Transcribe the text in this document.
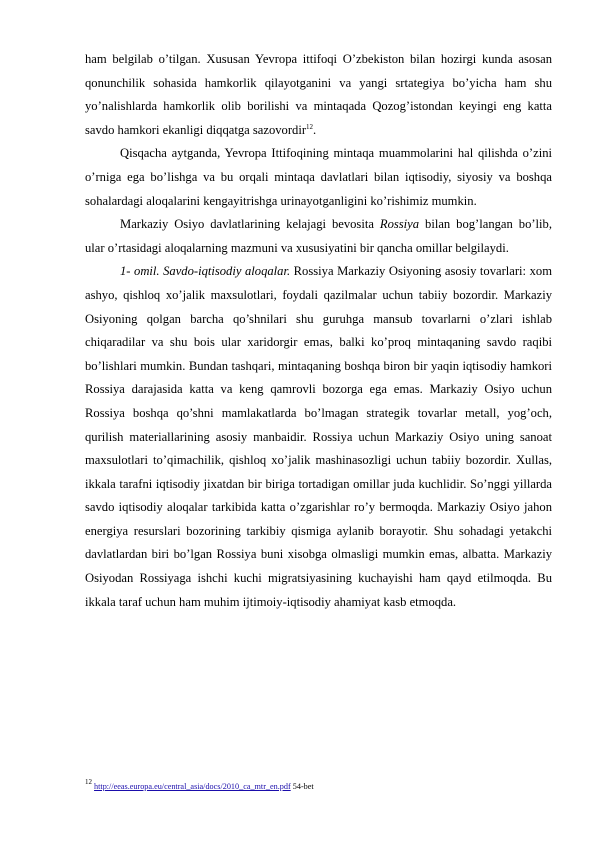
ham belgilab o’tilgan. Xususan Yevropa ittifoqi O’zbekiston bilan hozirgi kunda asosan qonunchilik sohasida hamkorlik qilayotganini va yangi srtategiya bo’yicha ham shu yo’nalishlarda hamkorlik olib borilishi va mintaqada Qozog’istondan keyingi eng katta savdo hamkori ekanligi diqqatga sazovordir$^{12}$.

Qisqacha aytganda, Yevropa Ittifoqining mintaqa muammolarini hal qilishda o’zini o’rniga ega bo’lishga va bu orqali mintaqa davlatlari bilan iqtisodiy, siyosiy va boshqa sohalardagi aloqalarini kengayitrishga urinayotganligini ko’rishimiz mumkin.

Markaziy Osiyo davlatlarining kelajagi bevosita Rossiya bilan bog’langan bo’lib, ular o’rtasidagi aloqalarning mazmuni va xususiyatini bir qancha omillar belgilaydi.

1- omil. Savdo-iqtisodiy aloqalar. Rossiya Markaziy Osiyoning asosiy tovarlari: xom ashyo, qishloq xo’jalik maxsulotlari, foydali qazilmalar uchun tabiiy bozordir. Markaziy Osiyoning qolgan barcha qo’shnilari shu guruhga mansub tovarlarni o’zlari ishlab chiqaradilar va shu bois ular xaridorgir emas, balki ko’proq mintaqaning savdo raqibi bo’lishlari mumkin. Bundan tashqari, mintaqaning boshqa biron bir yaqin iqtisodiy hamkori Rossiya darajasida katta va keng qamrovli bozorga ega emas. Markaziy Osiyo uchun Rossiya boshqa qo’shni mamlakatlarda bo’lmagan strategik tovarlar metall, yog’och, qurilish materiallarining asosiy manbaidir. Rossiya uchun Markaziy Osiyo uning sanoat maxsulotlari to’qimachilik, qishloq xo’jalik mashinasozligi uchun tabiiy bozordir. Xullas, ikkala tarafni iqtisodiy jixatdan bir biriga tortadigan omillar juda kuchlidir. So’nggi yillarda savdo iqtisodiy aloqalar tarkibida katta o’zgarishlar ro’y bermoqda. Markaziy Osiyo jahon energiya resurslari bozorining tarkibiy qismiga aylanib borayotir. Shu sohadagi yetakchi davlatlardan biri bo’lgan Rossiya buni xisobga olmasligi mumkin emas, albatta. Markaziy Osiyodan Rossiyaga ishchi kuchi migratsiyasining kuchayishi ham qayd etilmoqda. Bu ikkala taraf uchun ham muhim ijtimoiy-iqtisodiy ahamiyat kasb etmoqda.

$^{12}$ http://eeas.europa.eu/central_asia/docs/2010_ca_mtr_en.pdf 54-bet
